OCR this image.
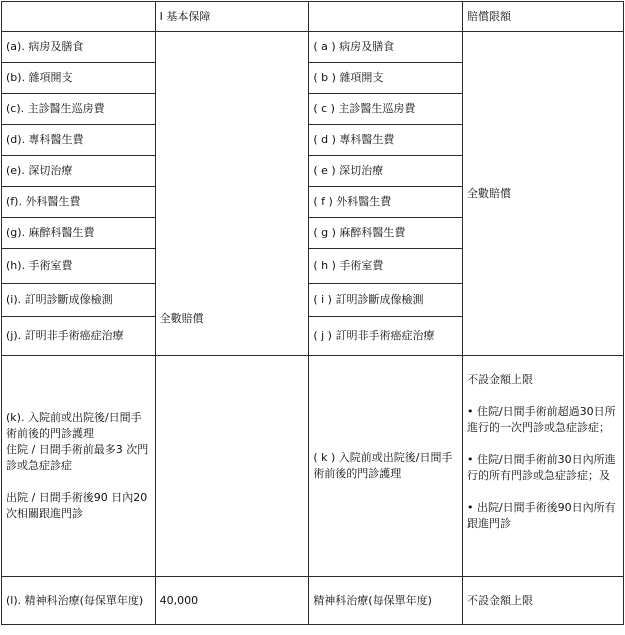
	I 基本保障		賠償限額
(a). 病房及膳食	全數賠償	( a ) 病房及膳食	全數賠償
(b). 雜項開支		( b ) 雜項開支	
(c). 主診醫生巡房費		( c ) 主診醫生巡房費	
(d). 專科醫生費		( d ) 專科醫生費	
(e). 深切治療		( e ) 深切治療	
(f). 外科醫生費		( f ) 外科醫生費	
(g). 麻醉科醫生費		( g ) 麻醉科醫生費	
(h). 手術室費		( h ) 手術室費	
(i). 訂明診斷成像檢測		( i ) 訂明診斷成像檢測	
(j). 訂明非手術癌症治療		( j ) 訂明非手術癌症治療	

(k). 入院前或出院後/日間手術前後的門診護理
住院 / 日間手術前最多3 次門診或急症診症
出院 / 日間手術後90 日內20次相關跟進門診		( k ) 入院前或出院後/日間手術前後的門診護理	不設金額上限
• 住院/日間手術前超過30日所進行的一次門診或急症診症；
• 住院/日間手術前30日內所進行的所有門診或急症診症；及
• 出院/日間手術後90日內所有跟進門診

(l). 精神科治療(每保單年度)	40,000	精神科治療(每保單年度)	不設金額上限
